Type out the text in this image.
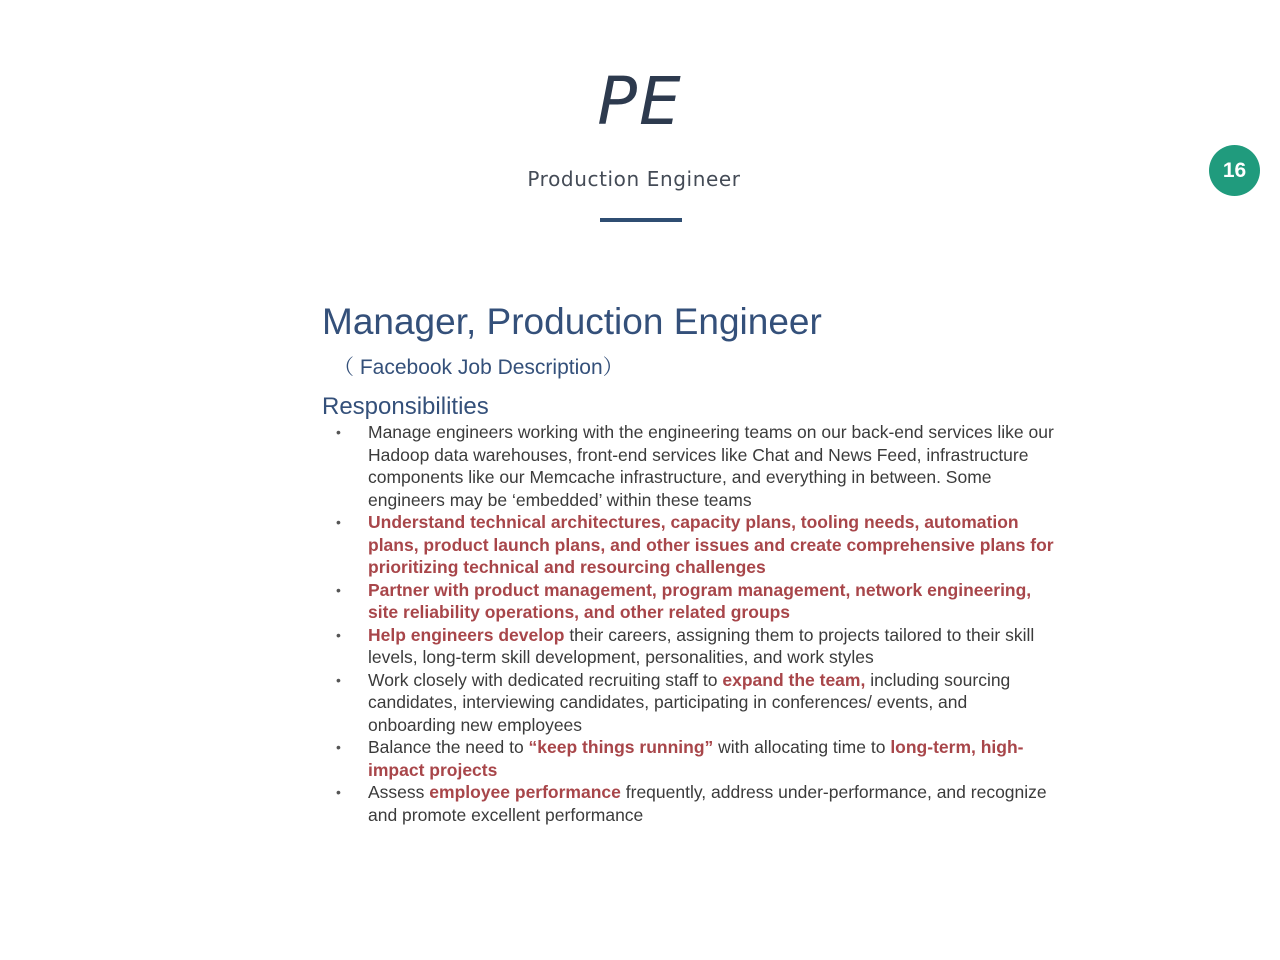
PE
Production Engineer	16
Manager, Production Engineer
（ Facebook Job Description）
Responsibilities
• Manage engineers working with the engineering teams on our back-end services like our Hadoop data warehouses, front-end services like Chat and News Feed, infrastructure components like our Memcache infrastructure, and everything in between. Some engineers may be ‘embedded’ within these teams
• Understand technical architectures, capacity plans, tooling needs, automation plans, product launch plans, and other issues and create comprehensive plans for prioritizing technical and resourcing challenges
• Partner with product management, program management, network engineering, site reliability operations, and other related groups
• Help engineers develop their careers, assigning them to projects tailored to their skill levels, long-term skill development, personalities, and work styles
• Work closely with dedicated recruiting staff to expand the team, including sourcing candidates, interviewing candidates, participating in conferences/ events, and onboarding new employees
• Balance the need to “keep things running” with allocating time to long-term, high-impact projects
• Assess employee performance frequently, address under-performance, and recognize and promote excellent performance
